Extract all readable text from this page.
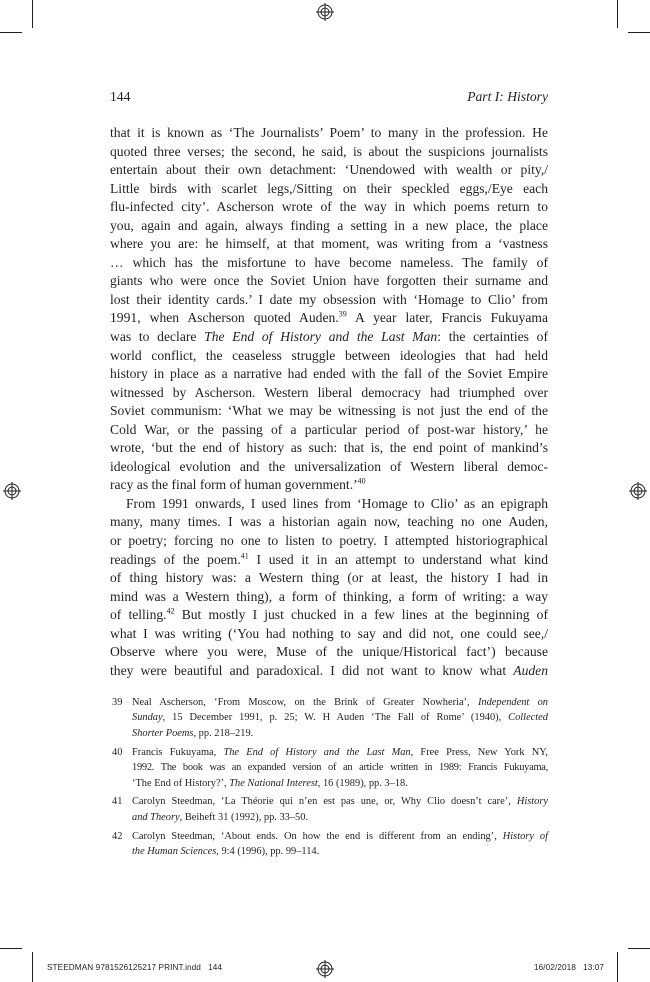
144	Part I: History

that it is known as ‘The Journalists’ Poem’ to many in the profession. He
quoted three verses; the second, he said, is about the suspicions journalists
entertain about their own detachment: ‘Unendowed with wealth or pity,/
Little birds with scarlet legs,/Sitting on their speckled eggs,/Eye each
flu-infected city’. Ascherson wrote of the way in which poems return to
you, again and again, always finding a setting in a new place, the place
where you are: he himself, at that moment, was writing from a ‘vastness
… which has the misfortune to have become nameless. The family of
giants who were once the Soviet Union have forgotten their surname and
lost their identity cards.’ I date my obsession with ‘Homage to Clio’ from
1991, when Ascherson quoted Auden.$^{39}$ A year later, Francis Fukuyama
was to declare The End of History and the Last Man: the certainties of
world conflict, the ceaseless struggle between ideologies that had held
history in place as a narrative had ended with the fall of the Soviet Empire
witnessed by Ascherson. Western liberal democracy had triumphed over
Soviet communism: ‘What we may be witnessing is not just the end of the
Cold War, or the passing of a particular period of post-war history,’ he
wrote, ‘but the end of history as such: that is, the end point of mankind’s
ideological evolution and the universalization of Western liberal democ-
racy as the final form of human government.’$^{40}$

From 1991 onwards, I used lines from ‘Homage to Clio’ as an epigraph
many, many times. I was a historian again now, teaching no one Auden,
or poetry; forcing no one to listen to poetry. I attempted historiographical
readings of the poem.$^{41}$ I used it in an attempt to understand what kind
of thing history was: a Western thing (or at least, the history I had in
mind was a Western thing), a form of thinking, a form of writing: a way
of telling.$^{42}$ But mostly I just chucked in a few lines at the beginning of
what I was writing (‘You had nothing to say and did not, one could see,/
Observe where you were, Muse of the unique/Historical fact’) because
they were beautiful and paradoxical. I did not want to know what Auden

39 Neal Ascherson, ‘From Moscow, on the Brink of Greater Nowheria’, Independent on
Sunday, 15 December 1991, p. 25; W. H Auden ‘The Fall of Rome’ (1940), Collected
Shorter Poems, pp. 218–219.
40 Francis Fukuyama, The End of History and the Last Man, Free Press, New York NY,
1992. The book was an expanded version of an article written in 1989: Francis Fukuyama,
‘The End of History?’, The National Interest, 16 (1989), pp. 3–18.
41 Carolyn Steedman, ‘La Théorie qui n’en est pas une, or, Why Clio doesn’t care’, History
and Theory, Beiheft 31 (1992), pp. 33–50.
42 Carolyn Steedman, ‘About ends. On how the end is different from an ending’, History of
the Human Sciences, 9:4 (1996), pp. 99–114.
STEEDMAN 9781526125217 PRINT.indd   144	16/02/2018   13:07
